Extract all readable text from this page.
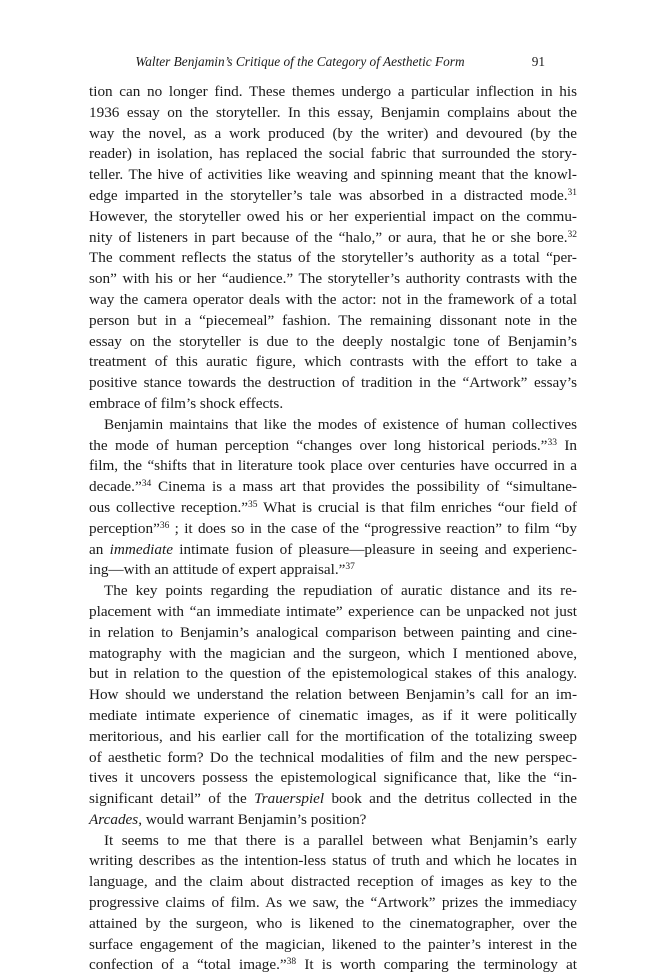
Walter Benjamin’s Critique of the Category of Aesthetic Form	91
tion can no longer find. These themes undergo a particular inflection in his
1936 essay on the storyteller. In this essay, Benjamin complains about the
way the novel, as a work produced (by the writer) and devoured (by the
reader) in isolation, has replaced the social fabric that surrounded the story-
teller. The hive of activities like weaving and spinning meant that the knowl-
edge imparted in the storyteller’s tale was absorbed in a distracted mode.$^{31}$
However, the storyteller owed his or her experiential impact on the commu-
nity of listeners in part because of the “halo,” or aura, that he or she bore.$^{32}$
The comment reflects the status of the storyteller’s authority as a total “per-
son” with his or her “audience.” The storyteller’s authority contrasts with the
way the camera operator deals with the actor: not in the framework of a total
person but in a “piecemeal” fashion. The remaining dissonant note in the
essay on the storyteller is due to the deeply nostalgic tone of Benjamin’s
treatment of this auratic figure, which contrasts with the effort to take a
positive stance towards the destruction of tradition in the “Artwork” essay’s
embrace of film’s shock effects.
Benjamin maintains that like the modes of existence of human collectives
the mode of human perception “changes over long historical periods.”$^{33}$ In
film, the “shifts that in literature took place over centuries have occurred in a
decade.”$^{34}$ Cinema is a mass art that provides the possibility of “simultane-
ous collective reception.”$^{35}$ What is crucial is that film enriches “our field of
perception”$^{36}$ ; it does so in the case of the “progressive reaction” to film “by
an immediate intimate fusion of pleasure—pleasure in seeing and experienc-
ing—with an attitude of expert appraisal.”$^{37}$
The key points regarding the repudiation of auratic distance and its re-
placement with “an immediate intimate” experience can be unpacked not just
in relation to Benjamin’s analogical comparison between painting and cine-
matography with the magician and the surgeon, which I mentioned above,
but in relation to the question of the epistemological stakes of this analogy.
How should we understand the relation between Benjamin’s call for an im-
mediate intimate experience of cinematic images, as if it were politically
meritorious, and his earlier call for the mortification of the totalizing sweep
of aesthetic form? Do the technical modalities of film and the new perspec-
tives it uncovers possess the epistemological significance that, like the “in-
significant detail” of the Trauerspiel book and the detritus collected in the
Arcades, would warrant Benjamin’s position?
It seems to me that there is a parallel between what Benjamin’s early
writing describes as the intention-less status of truth and which he locates in
language, and the claim about distracted reception of images as key to the
progressive claims of film. As we saw, the “Artwork” prizes the immediacy
attained by the surgeon, who is likened to the cinematographer, over the
surface engagement of the magician, likened to the painter’s interest in the
confection of a “total image.”$^{38}$ It is worth comparing the terminology at
